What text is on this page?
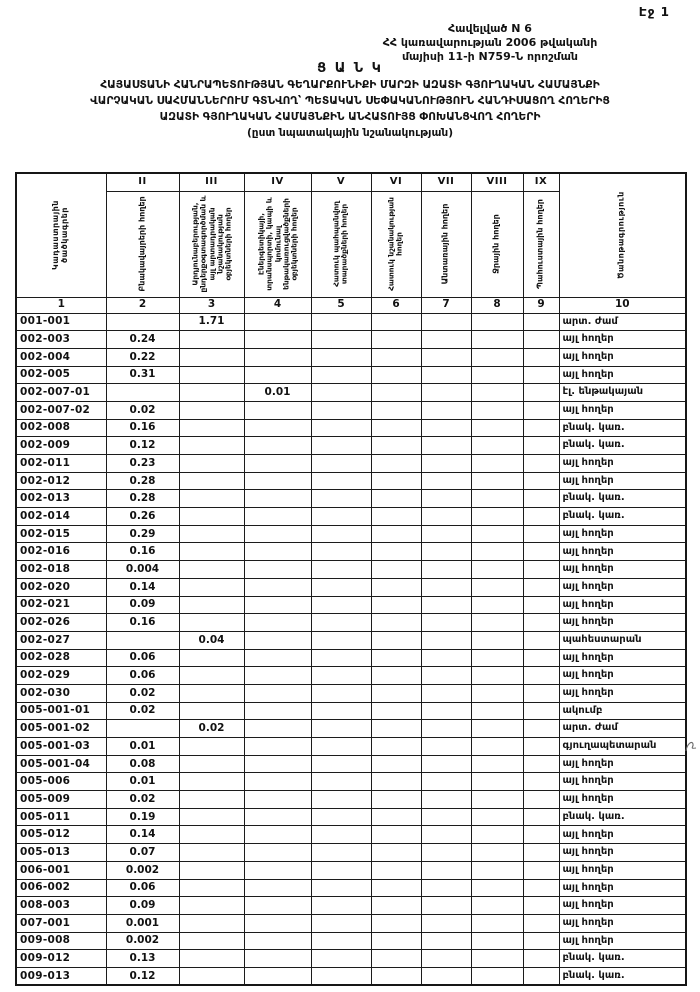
Էջ 1
Հավելված N 6
ՀՀ կառավարության 2006 թվականի
մայիսի 11-ի N759-Ն որոշման
Ց Ա Ն Կ
ՀԱՅԱՍՏԱՆԻ ՀԱՆՐԱՊԵՏՈՒԹՅԱՆ ԳԵՂԱՐՔՈՒՆԻՔԻ ՄԱՐԶԻ ԱԶԱՏԻ ԳՅՈՒՂԱԿԱՆ ՀԱՄԱՅՆՔԻ
ՎԱՐՉԱԿԱՆ ՍԱՀՄԱՆՆԵՐՈՒՄ ԳՏՆՎՈՂ՝ ՊԵՏԱԿԱՆ ՍԵՓԱԿԱՆՈՒԹՅՈՒՆ ՀԱՆԴԻՍԱՑՈՂ ՀՈՂԵՐԻՑ
ԱԶԱՏԻ ԳՅՈՒՂԱԿԱՆ ՀԱՄԱՅՆՔԻՆ ԱՆՀԱՏՈՒՅՑ ՓՈԽԱՆՑՎՈՂ ՀՈՂԵՐԻ
(ըստ նպատակային նշանակության)
Կադաստրային ծածկագրեր	II	III	IV	V	VI	VII	VIII	IX	Ծանոթագրություն

	Բնակավայրերի հողեր	Արդյունաբերության, ընդերքօգտագործման և այլ արտադրական նշանակության օբյեկտների հողեր	Էներգետիկայի, տրանսպորտի, կապի և կոմունալ ենթակառուցվածքների օբյեկտների հողեր	Հատուկ պահպանվող տարածքների հողեր	Հատուկ նշանակության հողեր	Անտառային հողեր	Ջրային հողեր	Պահուստային հողեր	

1	2	3	4	5	6	7	8	9	10
001-001		1.71							արտ. ժամ
002-003	0.24								այլ հողեր
002-004	0.22								այլ հողեր
002-005	0.31								այլ հողեր
002-007-01			0.01						էլ. ենթակայան
002-007-02	0.02								այլ հողեր
002-008	0.16								բնակ. կառ.
002-009	0.12								բնակ. կառ.
002-011	0.23								այլ հողեր
002-012	0.28								այլ հողեր
002-013	0.28								բնակ. կառ.
002-014	0.26								բնակ. կառ.
002-015	0.29								այլ հողեր
002-016	0.16								այլ հողեր
002-018	0.004								այլ հողեր
002-020	0.14								այլ հողեր
002-021	0.09								այլ հողեր
002-026	0.16								այլ հողեր
002-027		0.04							պահեստարան
002-028	0.06								այլ հողեր
002-029	0.06								այլ հողեր
002-030	0.02								այլ հողեր
005-001-01	0.02								ակումբ
005-001-02		0.02							արտ. ժամ
005-001-03	0.01								գյուղապետարան
005-001-04	0.08								այլ հողեր
005-006	0.01								այլ հողեր
005-009	0.02								այլ հողեր
005-011	0.19								բնակ. կառ.
005-012	0.14								այլ հողեր
005-013	0.07								այլ հողեր
006-001	0.002								այլ հողեր
006-002	0.06								այլ հողեր
008-003	0.09								այլ հողեր
007-001	0.001								այլ հողեր
009-008	0.002								այլ հողեր
009-012	0.13								բնակ. կառ.
009-013	0.12								բնակ. կառ.
